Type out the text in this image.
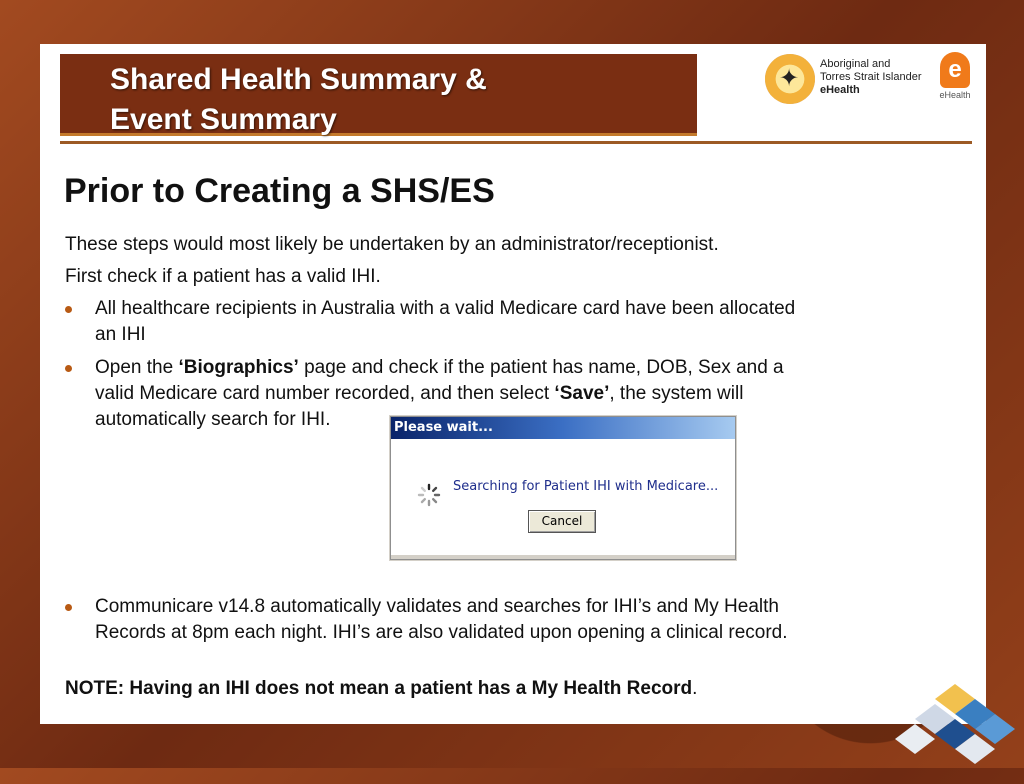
Shared Health Summary &
Event Summary
✦
Aboriginal and
Torres Strait Islander
eHealth
e
eHealth
Prior to Creating a SHS/ES
These steps would most likely be undertaken by an administrator/receptionist.
First check if a patient has a valid IHI.
All healthcare recipients in Australia with a valid Medicare card have been allocated
an IHI
Open the ‘Biographics’ page and check if the patient has name, DOB, Sex and a
valid Medicare card number recorded, and then select ‘Save’, the system will
automatically search for IHI.	Please wait...
Searching for Patient IHI with Medicare...
Cancel
Communicare v14.8 automatically validates and searches for IHI’s and My Health
Records at 8pm each night. IHI’s are also validated upon opening a clinical record.
NOTE: Having an IHI does not mean a patient has a My Health Record.
